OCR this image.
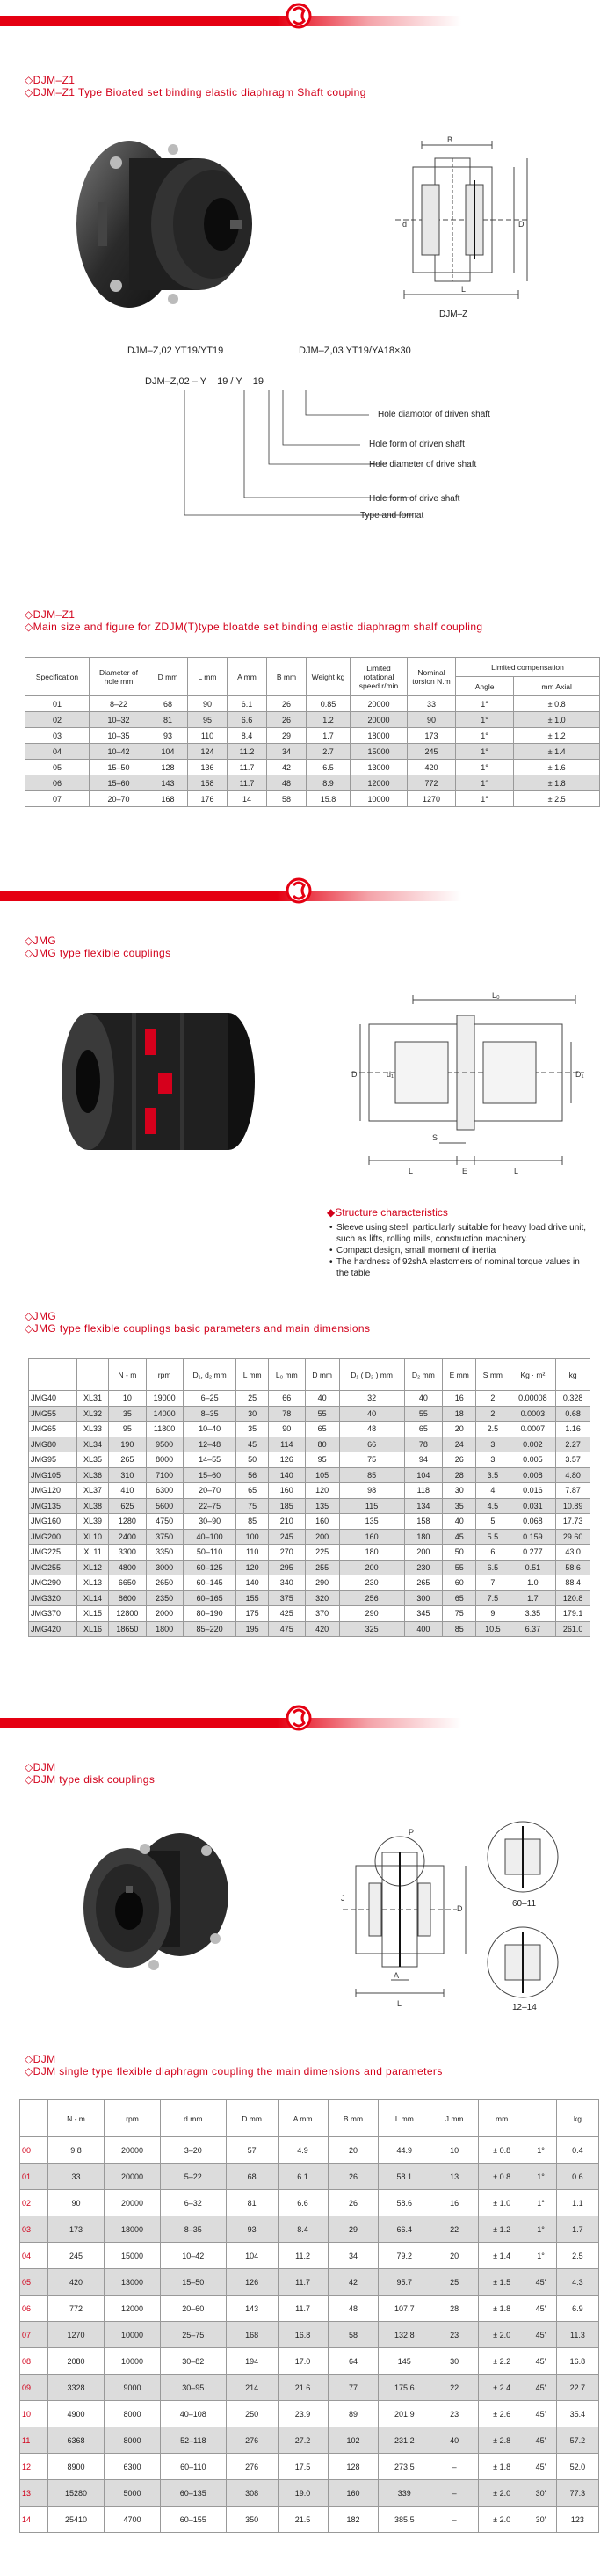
◇DJM–Z1
◇DJM–Z1 Type Bioated set binding elastic diaphragm Shaft couping
B
d	D
L
DJM–Z
DJM–Z,02 YT19/YT19	DJM–Z,03 YT19/YA18×30
DJM–Z,02 – Y    19 / Y    19
Hole diamotor of driven shaft
Hole form of driven shaft
Hole diameter of drive shaft
Hole form of drive shaft
Type and format
◇DJM–Z1
◇Main size and figure for ZDJM(T)type bloatde set binding elastic diaphragm shalf coupling
Specification	Diameter of hole mm	D mm	L mm	A mm	B mm	Weight kg	Limited rotational speed r/min	Nominal torsion N.m	Limited compensation	
									Angle	mm Axial
01	8–22	68	90	6.1	26	0.85	20000	33	1°	± 0.8
02	10–32	81	95	6.6	26	1.2	20000	90	1°	± 1.0
03	10–35	93	110	8.4	29	1.7	18000	173	1°	± 1.2
04	10–42	104	124	11.2	34	2.7	15000	245	1°	± 1.4
05	15–50	128	136	11.7	42	6.5	13000	420	1°	± 1.6
06	15–60	143	158	11.7	48	8.9	12000	772	1°	± 1.8
07	20–70	168	176	14	58	15.8	10000	1270	1°	± 2.5
◇JMG
◇JMG type flexible couplings
L₀
D	d₁	D₁
L	E	L
S
◆Structure characteristics
• Sleeve using steel, particularly suitable for heavy load drive unit, such as lifts, rolling mills, construction machinery.
• Compact design, small moment of inertia
• The hardness of 92shA elastomers of nominal torque values in the table
◇JMG
◇JMG type flexible couplings basic parameters and main dimensions
		N - m	rpm	D₁, d₂ mm	L mm	L₀ mm	D mm	D₁ ( D₂ ) mm	D₂ mm	E mm	S mm	Kg · m²	kg
JMG40	XL31	10	19000	6–25	25	66	40	32	40	16	2	0.00008	0.328
JMG55	XL32	35	14000	8–35	30	78	55	40	55	18	2	0.0003	0.68
JMG65	XL33	95	11800	10–40	35	90	65	48	65	20	2.5	0.0007	1.16
JMG80	XL34	190	9500	12–48	45	114	80	66	78	24	3	0.002	2.27
JMG95	XL35	265	8000	14–55	50	126	95	75	94	26	3	0.005	3.57
JMG105	XL36	310	7100	15–60	56	140	105	85	104	28	3.5	0.008	4.80
JMG120	XL37	410	6300	20–70	65	160	120	98	118	30	4	0.016	7.87
JMG135	XL38	625	5600	22–75	75	185	135	115	134	35	4.5	0.031	10.89
JMG160	XL39	1280	4750	30–90	85	210	160	135	158	40	5	0.068	17.73
JMG200	XL10	2400	3750	40–100	100	245	200	160	180	45	5.5	0.159	29.60
JMG225	XL11	3300	3350	50–110	110	270	225	180	200	50	6	0.277	43.0
JMG255	XL12	4800	3000	60–125	120	295	255	200	230	55	6.5	0.51	58.6
JMG290	XL13	6650	2650	60–145	140	340	290	230	265	60	7	1.0	88.4
JMG320	XL14	8600	2350	60–165	155	375	320	256	300	65	7.5	1.7	120.8
JMG370	XL15	12800	2000	80–190	175	425	370	290	345	75	9	3.35	179.1
JMG420	XL16	18650	1800	85–220	195	475	420	325	400	85	10.5	6.37	261.0
◇DJM
◇DJM type disk couplings
P
J
D
L
A
60–11
12–14
◇DJM
◇DJM single type flexible diaphragm coupling the main dimensions and parameters
	N - m	rpm	d mm	D mm	A mm	B mm	L mm	J mm	mm		kg
00	9.8	20000	3–20	57	4.9	20	44.9	10	± 0.8	1°	0.4
01	33	20000	5–22	68	6.1	26	58.1	13	± 0.8	1°	0.6
02	90	20000	6–32	81	6.6	26	58.6	16	± 1.0	1°	1.1
03	173	18000	8–35	93	8.4	29	66.4	22	± 1.2	1°	1.7
04	245	15000	10–42	104	11.2	34	79.2	20	± 1.4	1°	2.5
05	420	13000	15–50	126	11.7	42	95.7	25	± 1.5	45'	4.3
06	772	12000	20–60	143	11.7	48	107.7	28	± 1.8	45'	6.9
07	1270	10000	25–75	168	16.8	58	132.8	23	± 2.0	45'	11.3
08	2080	10000	30–82	194	17.0	64	145	30	± 2.2	45'	16.8
09	3328	9000	30–95	214	21.6	77	175.6	22	± 2.4	45'	22.7
10	4900	8000	40–108	250	23.9	89	201.9	23	± 2.6	45'	35.4
11	6368	8000	52–118	276	27.2	102	231.2	40	± 2.8	45'	57.2
12	8900	6300	60–110	276	17.5	128	273.5	–	± 1.8	45'	52.0
13	15280	5000	60–135	308	19.0	160	339	–	± 2.0	30'	77.3
14	25410	4700	60–155	350	21.5	182	385.5	–	± 2.0	30'	123
